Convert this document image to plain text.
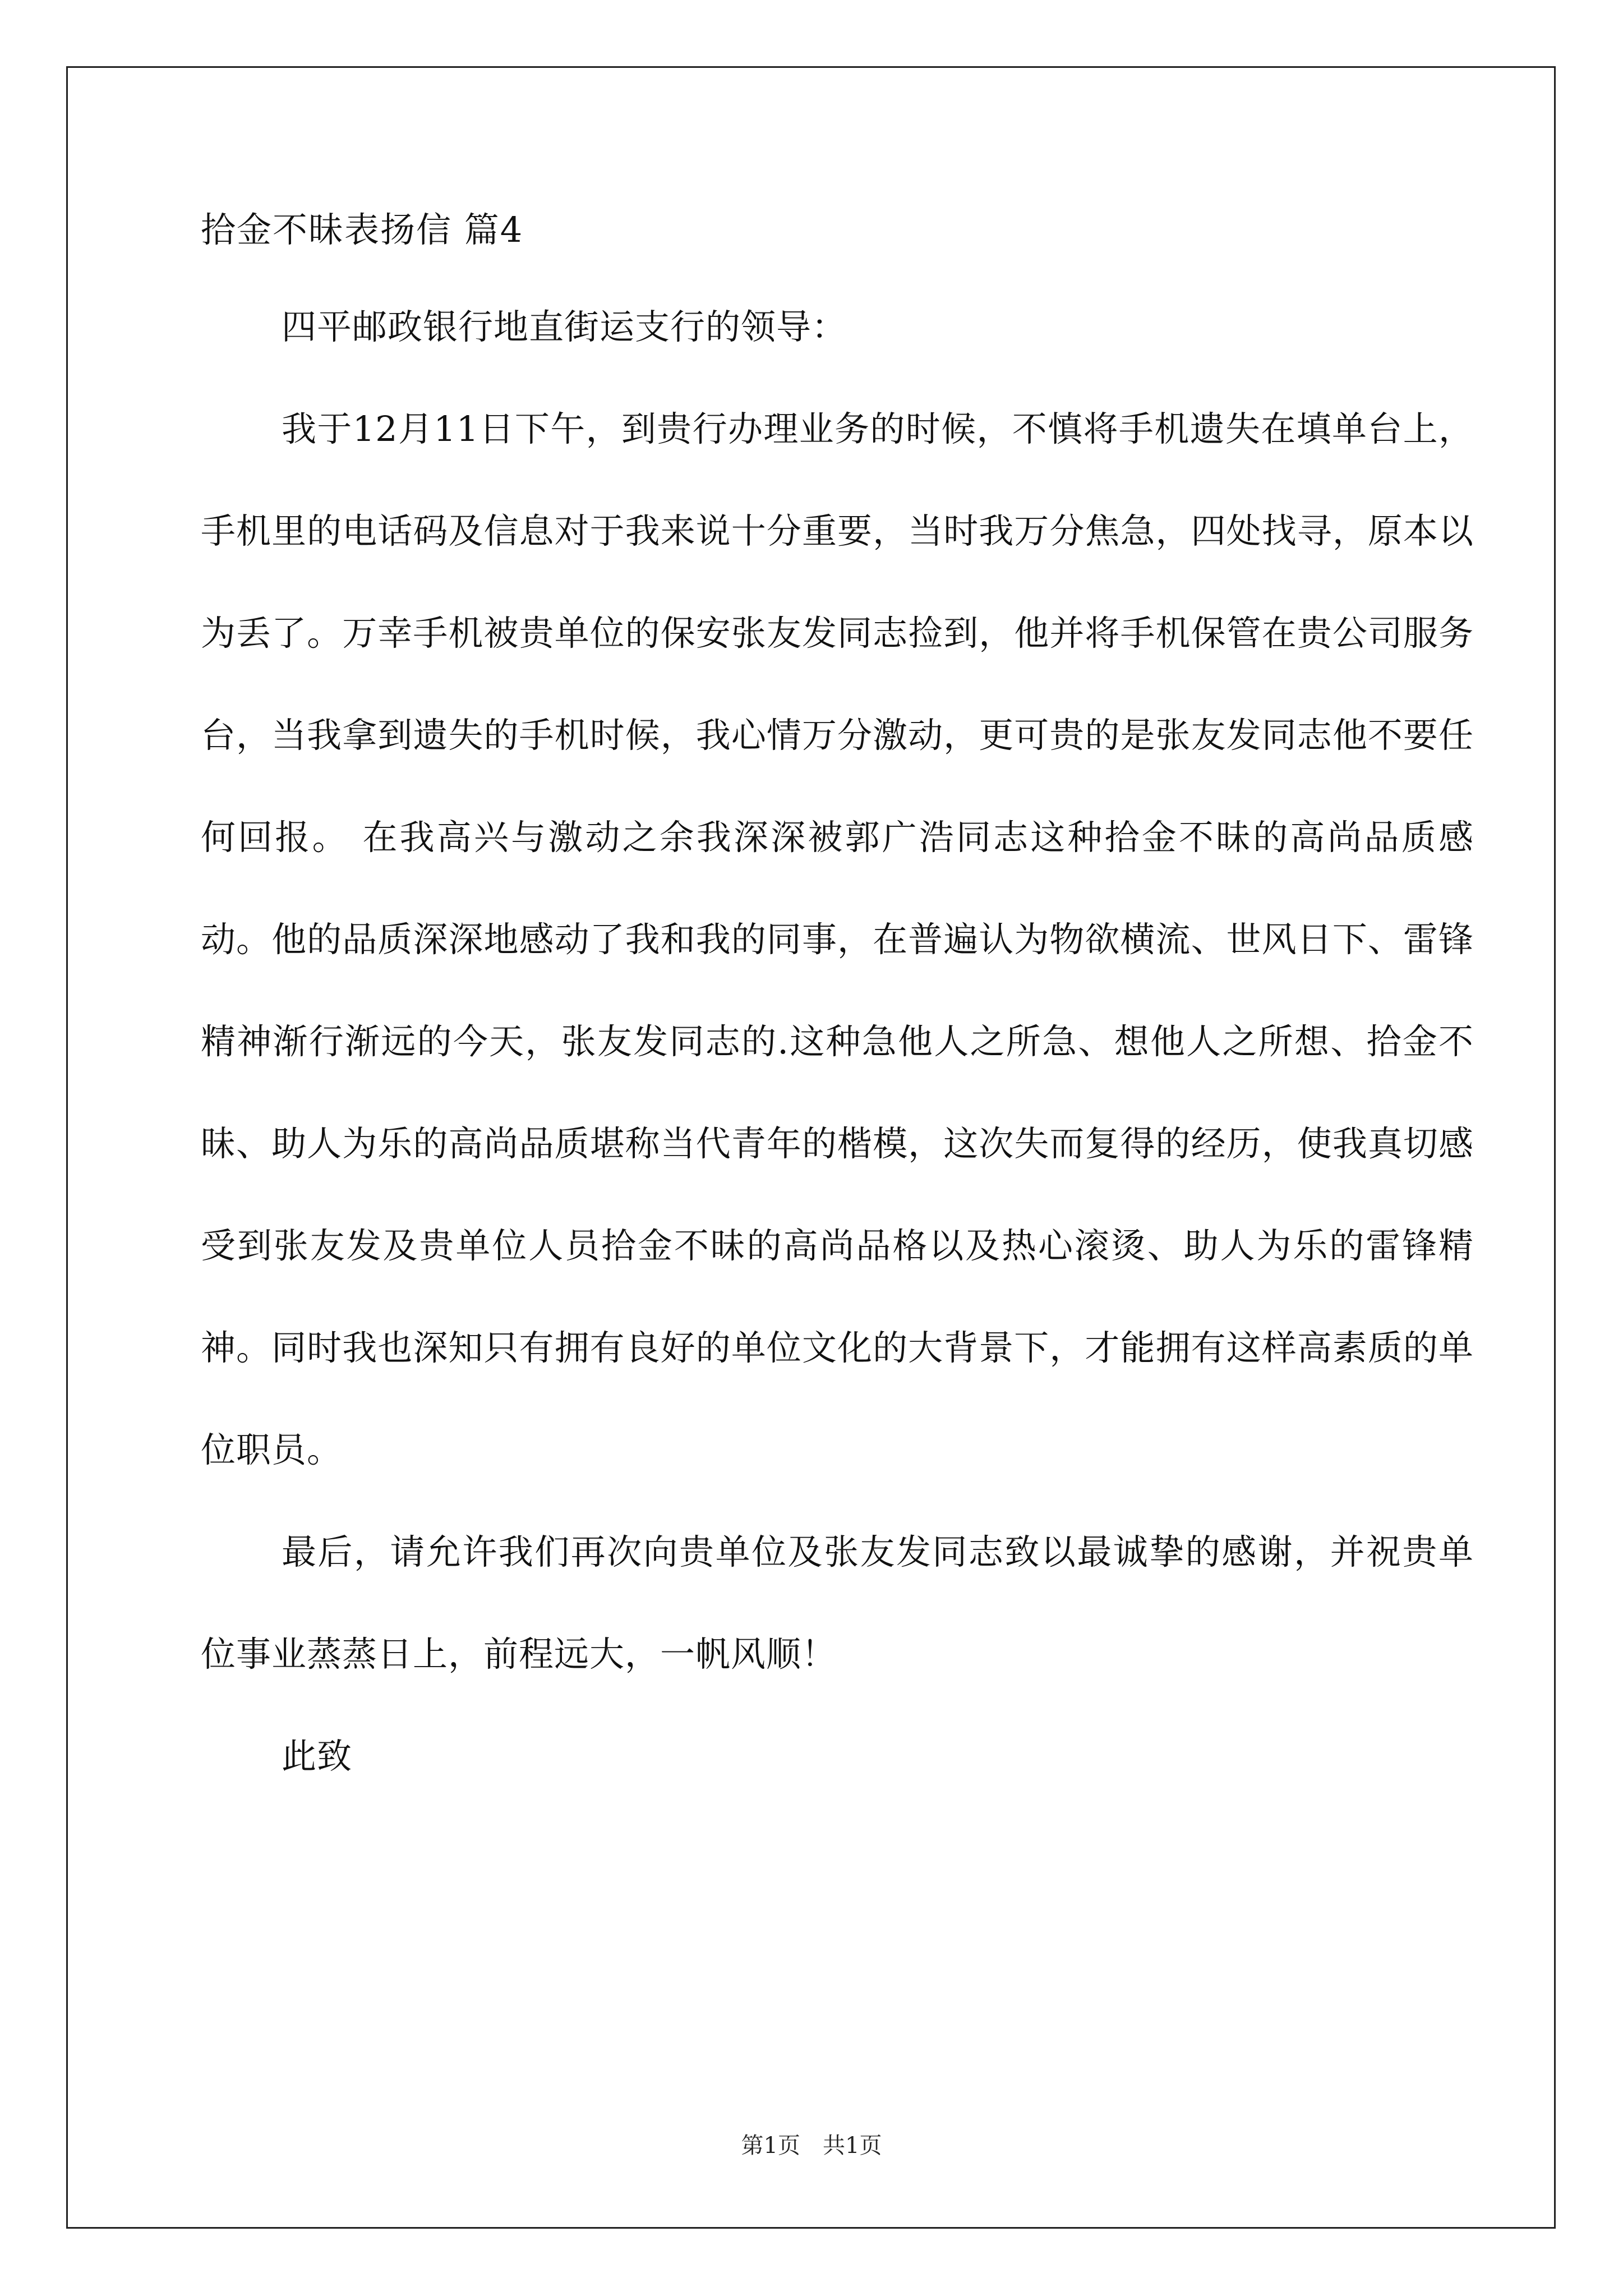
拾金不昧表扬信 篇4

四平邮政银行地直街运支行的领导：

我于12月11日下午，到贵行办理业务的时候，不慎将手机遗失在填单台上，手机里的电话码及信息对于我来说十分重要，当时我万分焦急，四处找寻，原本以为丢了。万幸手机被贵单位的保安张友发同志捡到，他并将手机保管在贵公司服务台，当我拿到遗失的手机时候，我心情万分激动，更可贵的是张友发同志他不要任何回报。 在我高兴与激动之余我深深被郭广浩同志这种拾金不昧的高尚品质感动。他的品质深深地感动了我和我的同事，在普遍认为物欲横流、世风日下、雷锋精神渐行渐远的今天，张友发同志的.这种急他人之所急、想他人之所想、拾金不昧、助人为乐的高尚品质堪称当代青年的楷模，这次失而复得的经历，使我真切感受到张友发及贵单位人员拾金不昧的高尚品格以及热心滚烫、助人为乐的雷锋精神。同时我也深知只有拥有良好的单位文化的大背景下，才能拥有这样高素质的单位职员。

最后，请允许我们再次向贵单位及张友发同志致以最诚挚的感谢，并祝贵单位事业蒸蒸日上，前程远大，一帆风顺！

此致

第1页　共1页
